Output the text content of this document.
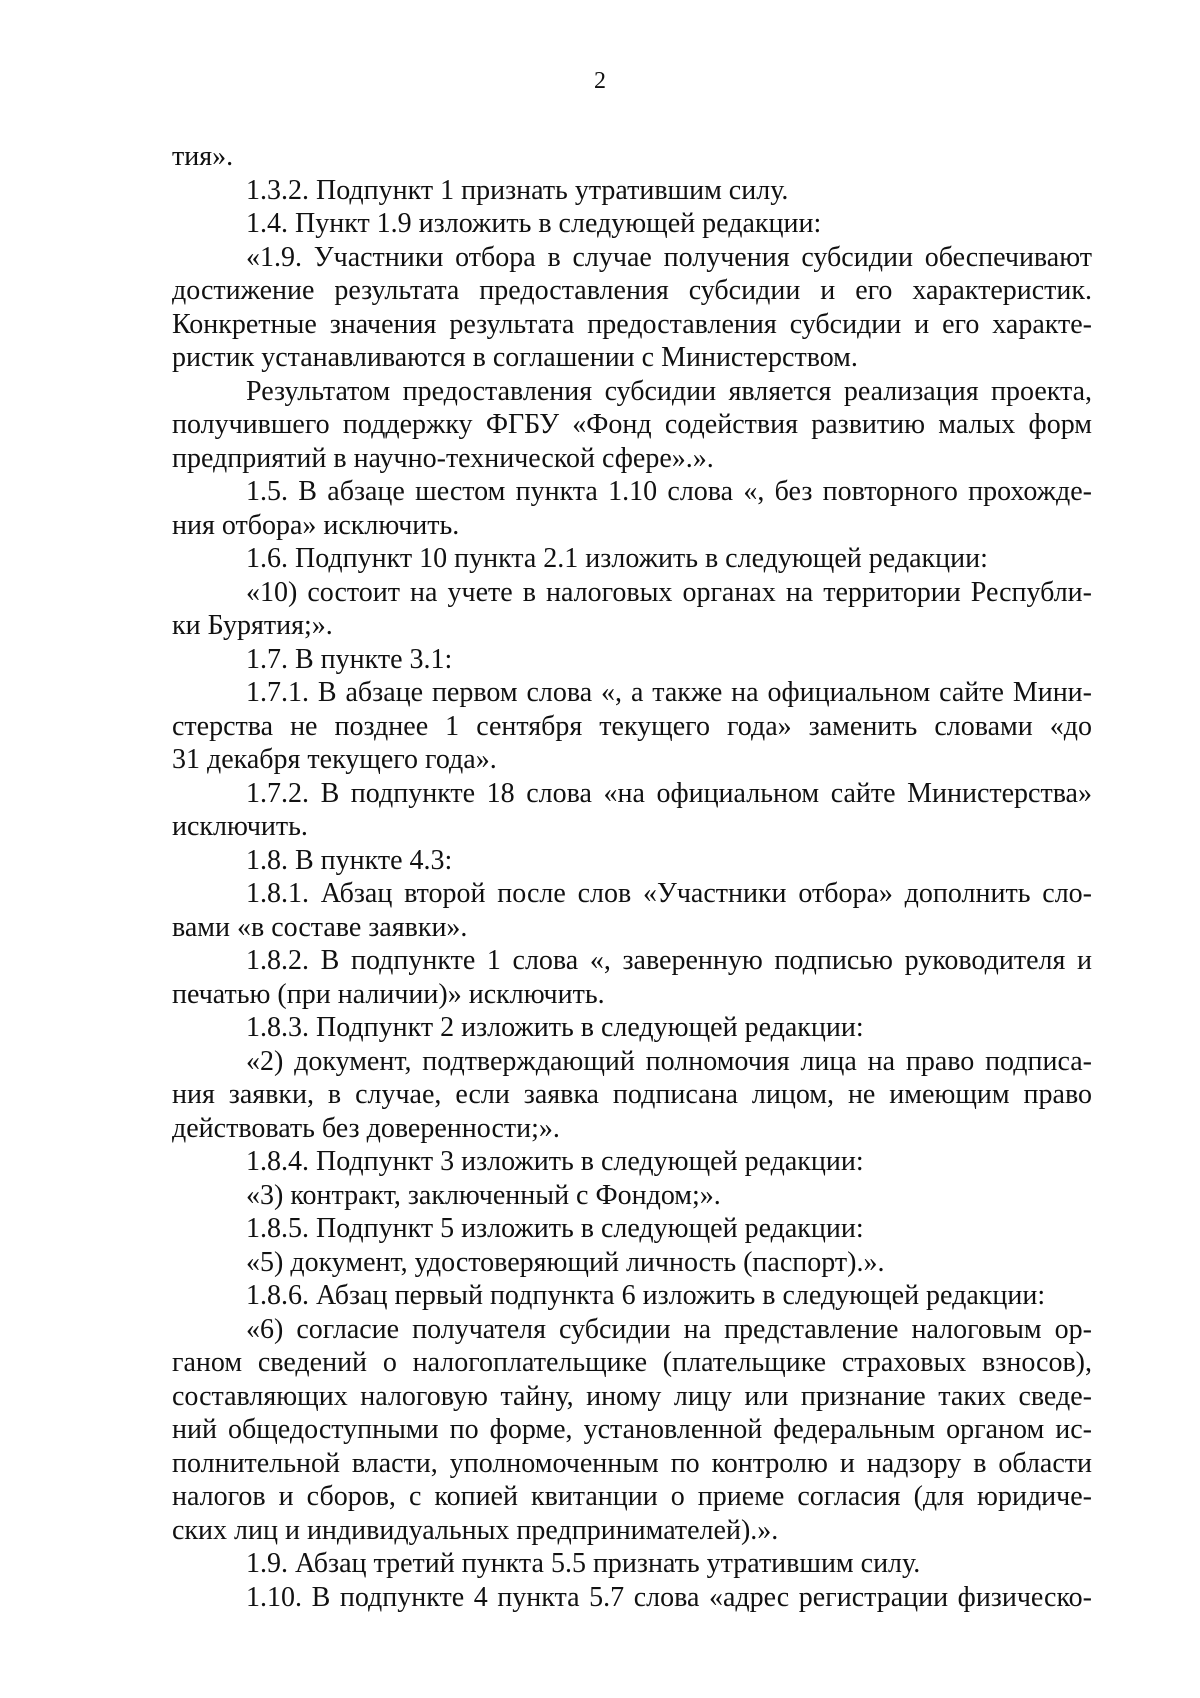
2
тия».
1.3.2. Подпункт 1 признать утратившим силу.
1.4. Пункт 1.9 изложить в следующей редакции:
«1.9. Участники отбора в случае получения субсидии обеспечивают
достижение результата предоставления субсидии и его характеристик.
Конкретные значения результата предоставления субсидии и его характе-
ристик устанавливаются в соглашении с Министерством.
Результатом предоставления субсидии является реализация проекта,
получившего поддержку ФГБУ «Фонд содействия развитию малых форм
предприятий в научно-технической сфере».».
1.5. В абзаце шестом пункта 1.10 слова «, без повторного прохожде-
ния отбора» исключить.
1.6. Подпункт 10 пункта 2.1 изложить в следующей редакции:
«10) состоит на учете в налоговых органах на территории Республи-
ки Бурятия;».
1.7. В пункте 3.1:
1.7.1. В абзаце первом слова «, а также на официальном сайте Мини-
стерства не позднее 1 сентября текущего года» заменить словами «до
31 декабря текущего года».
1.7.2. В подпункте 18 слова «на официальном сайте Министерства»
исключить.
1.8. В пункте 4.3:
1.8.1. Абзац второй после слов «Участники отбора» дополнить сло-
вами «в составе заявки».
1.8.2. В подпункте 1 слова «, заверенную подписью руководителя и
печатью (при наличии)» исключить.
1.8.3. Подпункт 2 изложить в следующей редакции:
«2) документ, подтверждающий полномочия лица на право подписа-
ния заявки, в случае, если заявка подписана лицом, не имеющим право
действовать без доверенности;».
1.8.4. Подпункт 3 изложить в следующей редакции:
«3) контракт, заключенный с Фондом;».
1.8.5. Подпункт 5 изложить в следующей редакции:
«5) документ, удостоверяющий личность (паспорт).».
1.8.6. Абзац первый подпункта 6 изложить в следующей редакции:
«6) согласие получателя субсидии на представление налоговым ор-
ганом сведений о налогоплательщике (плательщике страховых взносов),
составляющих налоговую тайну, иному лицу или признание таких сведе-
ний общедоступными по форме, установленной федеральным органом ис-
полнительной власти, уполномоченным по контролю и надзору в области
налогов и сборов, с копией квитанции о приеме согласия (для юридиче-
ских лиц и индивидуальных предпринимателей).».
1.9. Абзац третий пункта 5.5 признать утратившим силу.
1.10. В подпункте 4 пункта 5.7 слова «адрес регистрации физическо-
